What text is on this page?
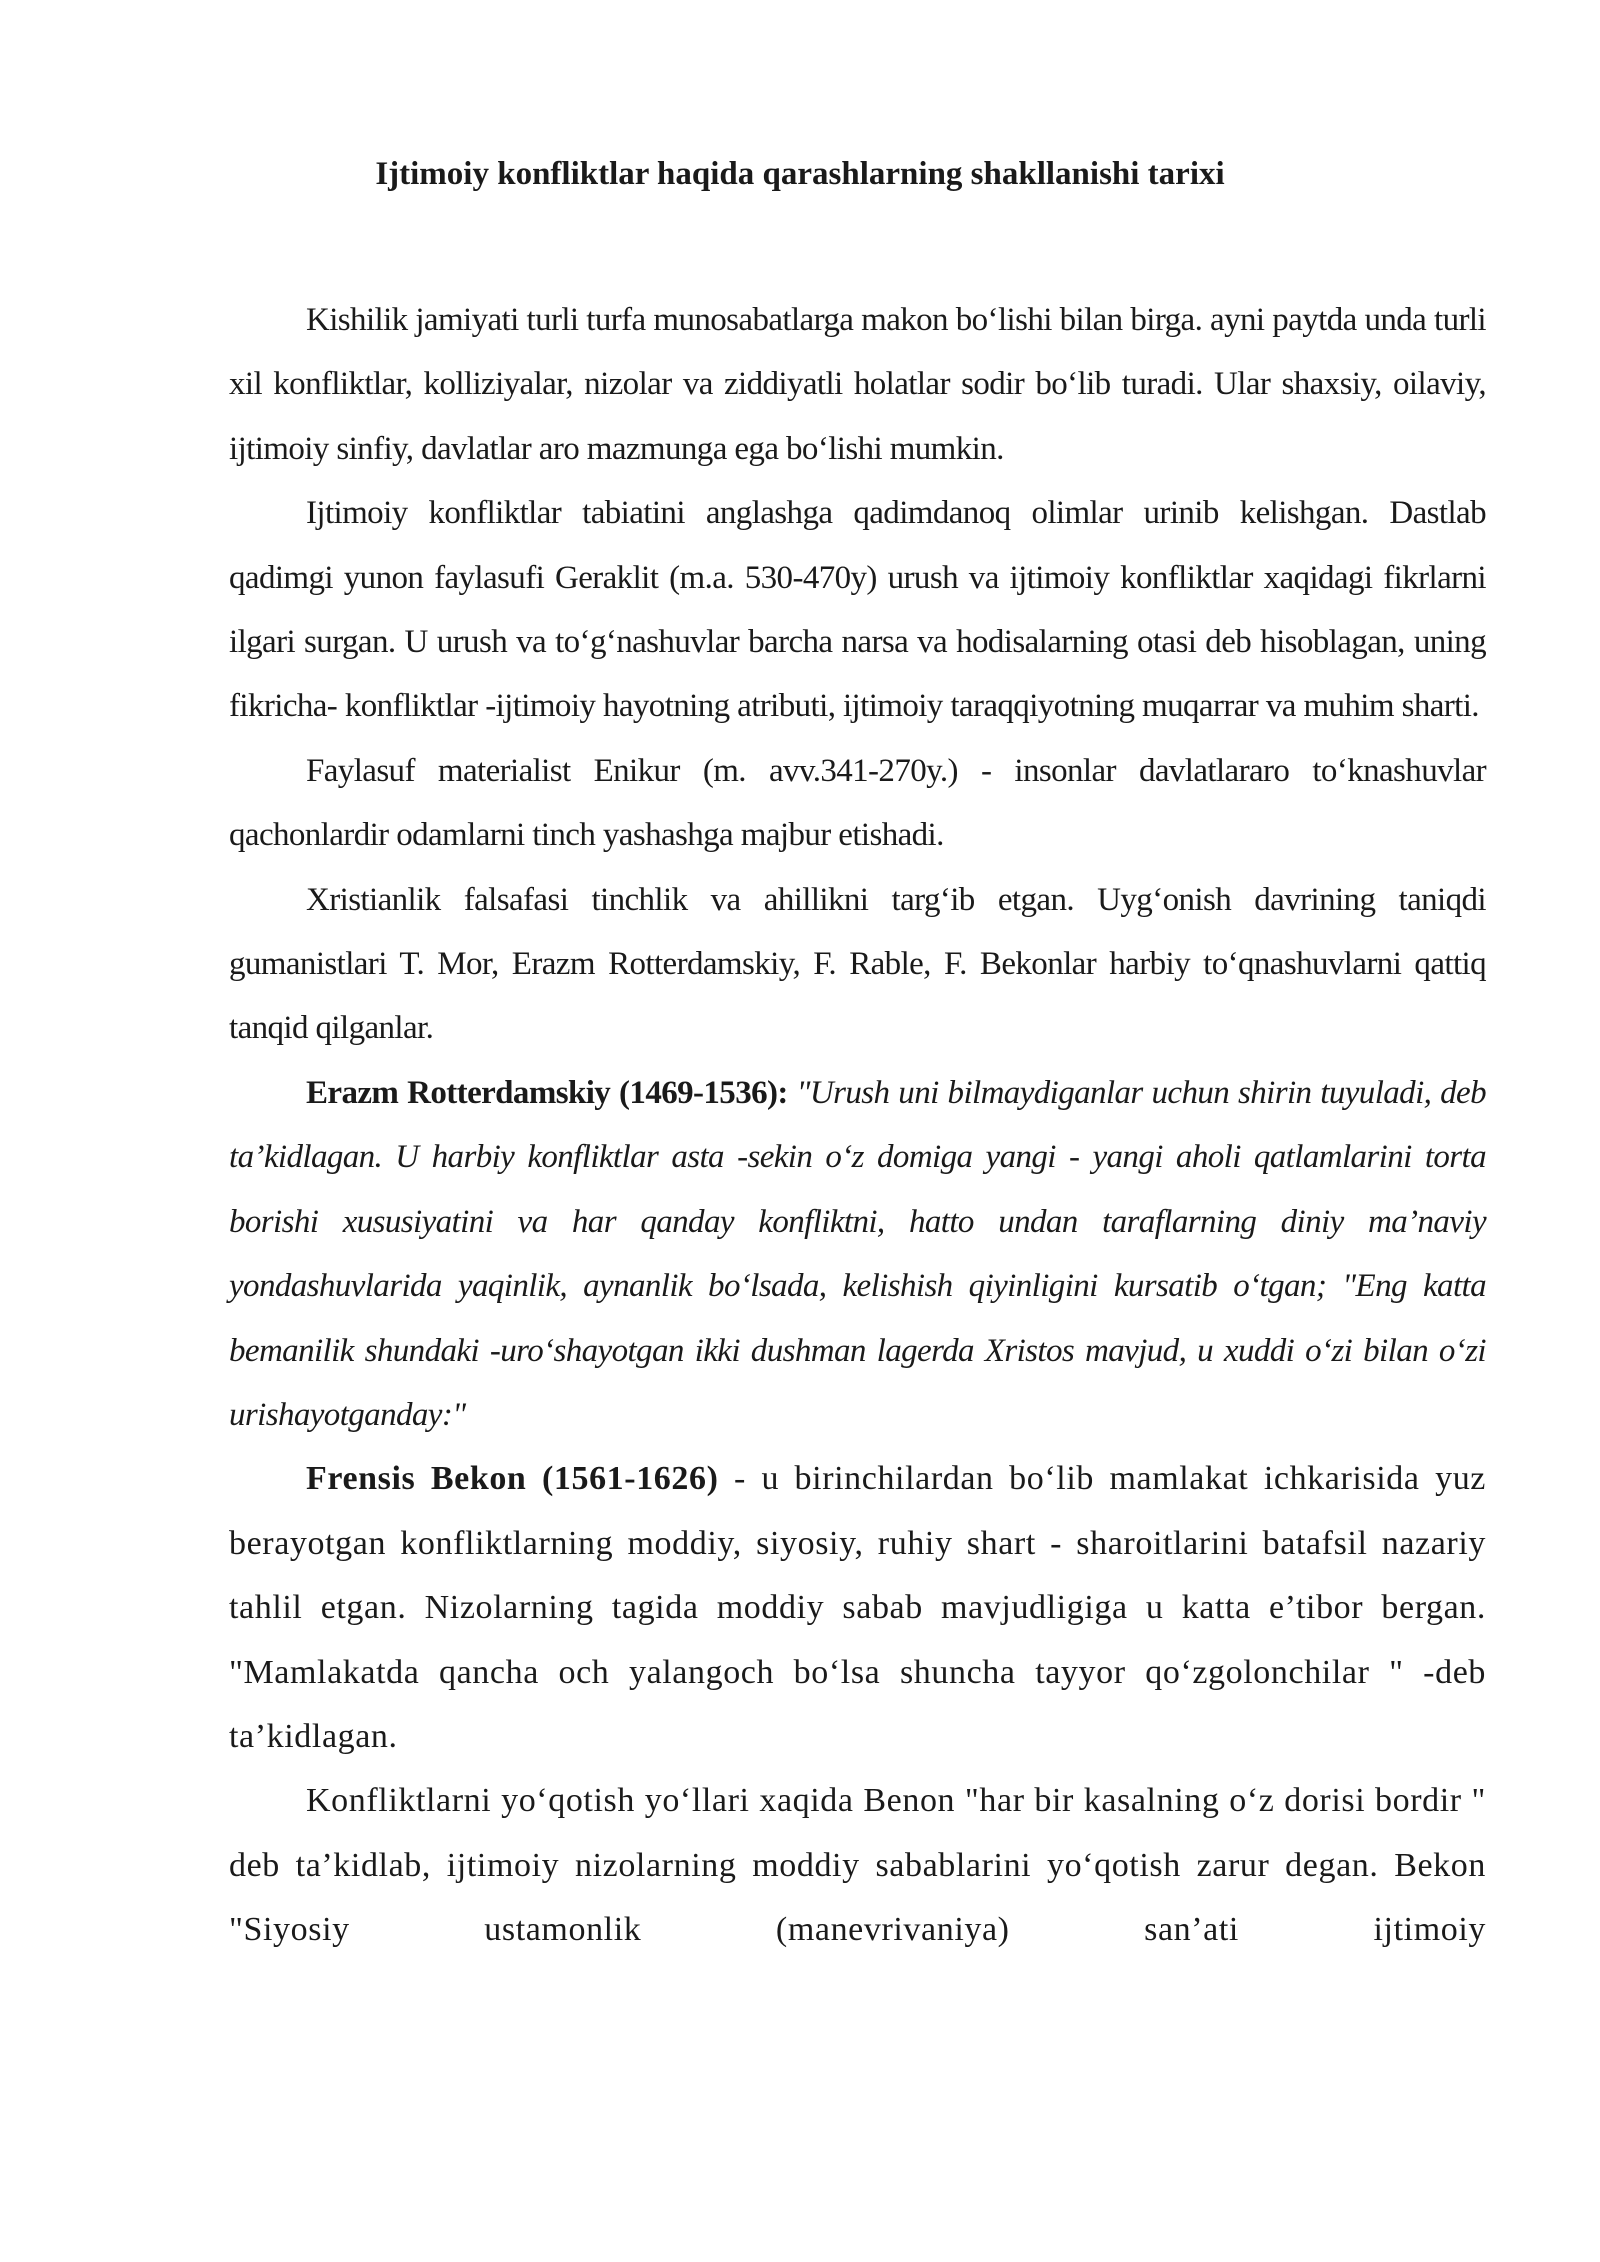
Ijtimoiy konfliktlar haqida qarashlarning shakllanishi tarixi

Kishilik jamiyati turli turfa munosabatlarga makon bo‘lishi bilan birga. ayni paytda unda turli xil konfliktlar, kolliziyalar, nizolar va ziddiyatli holatlar sodir bo‘lib turadi. Ular shaxsiy, oilaviy, ijtimoiy sinfiy, davlatlar aro mazmunga ega bo‘lishi mumkin.

Ijtimoiy konfliktlar tabiatini anglashga qadimdanoq olimlar urinib kelishgan. Dastlab qadimgi yunon faylasufi Geraklit (m.a. 530-470y) urush va ijtimoiy konfliktlar xaqidagi fikrlarni ilgari surgan. U urush va to‘g‘nashuvlar barcha narsa va hodisalarning otasi deb hisoblagan, uning fikricha- konfliktlar -ijtimoiy hayotning atributi, ijtimoiy taraqqiyotning muqarrar va muhim sharti.

Faylasuf materialist Enikur (m. avv.341-270y.) - insonlar davlatlararo to‘knashuvlar qachonlardir odamlarni tinch yashashga majbur etishadi.

Xristianlik falsafasi tinchlik va ahillikni targ‘ib etgan. Uyg‘onish davrining taniqdi gumanistlari T. Mor, Erazm Rotterdamskiy, F. Rable, F. Bekonlar harbiy to‘qnashuvlarni qattiq tanqid qilganlar.

Erazm Rotterdamskiy (1469-1536): "Urush uni bilmaydiganlar uchun shirin tuyuladi, deb ta’kidlagan. U harbiy konfliktlar asta -sekin o‘z domiga yangi - yangi aholi qatlamlarini torta borishi xususiyatini va har qanday konfliktni, hatto undan taraflarning diniy ma’naviy yondashuvlarida yaqinlik, aynanlik bo‘lsada, kelishish qiyinligini kursatib o‘tgan; "Eng katta bemanilik shundaki -uro‘shayotgan ikki dushman lagerda Xristos mavjud, u xuddi o‘zi bilan o‘zi urishayotganday:"

Frensis Bekon (1561-1626) - u birinchilardan bo‘lib mamlakat ichkarisida yuz berayotgan konfliktlarning moddiy, siyosiy, ruhiy shart - sharoitlarini batafsil nazariy tahlil etgan. Nizolarning tagida moddiy sabab mavjudligiga u katta e’tibor bergan. "Mamlakatda qancha och yalangoch bo‘lsa shuncha tayyor qo‘zgolonchilar " -deb ta’kidlagan.

Konfliktlarni yo‘qotish yo‘llari xaqida Benon "har bir kasalning o‘z dorisi bordir " deb ta’kidlab, ijtimoiy nizolarning moddiy sabablarini yo‘qotish zarur degan. Bekon "Siyosiy ustamonlik (manevrivaniya) san’ati ijtimoiy
